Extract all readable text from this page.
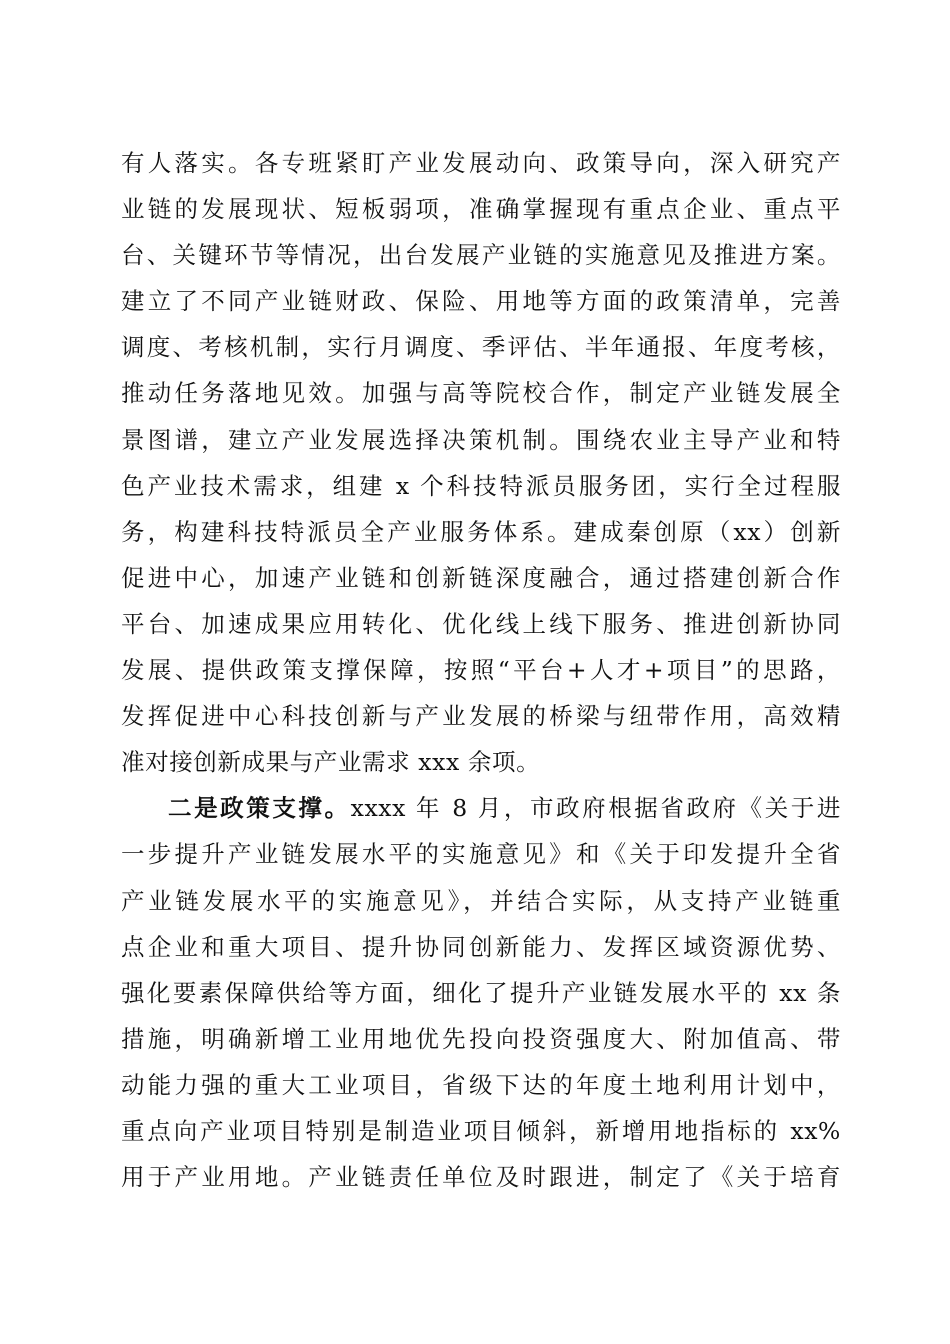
有人落实。各专班紧盯产业发展动向、政策导向，深入研究产
业链的发展现状、短板弱项，准确掌握现有重点企业、重点平
台、关键环节等情况，出台发展产业链的实施意见及推进方案。
建立了不同产业链财政、保险、用地等方面的政策清单，完善
调度、考核机制，实行月调度、季评估、半年通报、年度考核，
推动任务落地见效。加强与高等院校合作，制定产业链发展全
景图谱，建立产业发展选择决策机制。围绕农业主导产业和特
色产业技术需求，组建 x 个科技特派员服务团，实行全过程服
务，构建科技特派员全产业服务体系。建成秦创原（xx）创新
促进中心，加速产业链和创新链深度融合，通过搭建创新合作
平台、加速成果应用转化、优化线上线下服务、推进创新协同
发展、提供政策支撑保障，按照“平台+人才+项目”的思路，
发挥促进中心科技创新与产业发展的桥梁与纽带作用，高效精
准对接创新成果与产业需求 xxx 余项。
二是政策支撑。xxxx 年 8 月，市政府根据省政府《关于进
一步提升产业链发展水平的实施意见》和《关于印发提升全省
产业链发展水平的实施意见》，并结合实际，从支持产业链重
点企业和重大项目、提升协同创新能力、发挥区域资源优势、
强化要素保障供给等方面，细化了提升产业链发展水平的 xx 条
措施，明确新增工业用地优先投向投资强度大、附加值高、带
动能力强的重大工业项目，省级下达的年度土地利用计划中，
重点向产业项目特别是制造业项目倾斜，新增用地指标的 xx%
用于产业用地。产业链责任单位及时跟进，制定了《关于培育
